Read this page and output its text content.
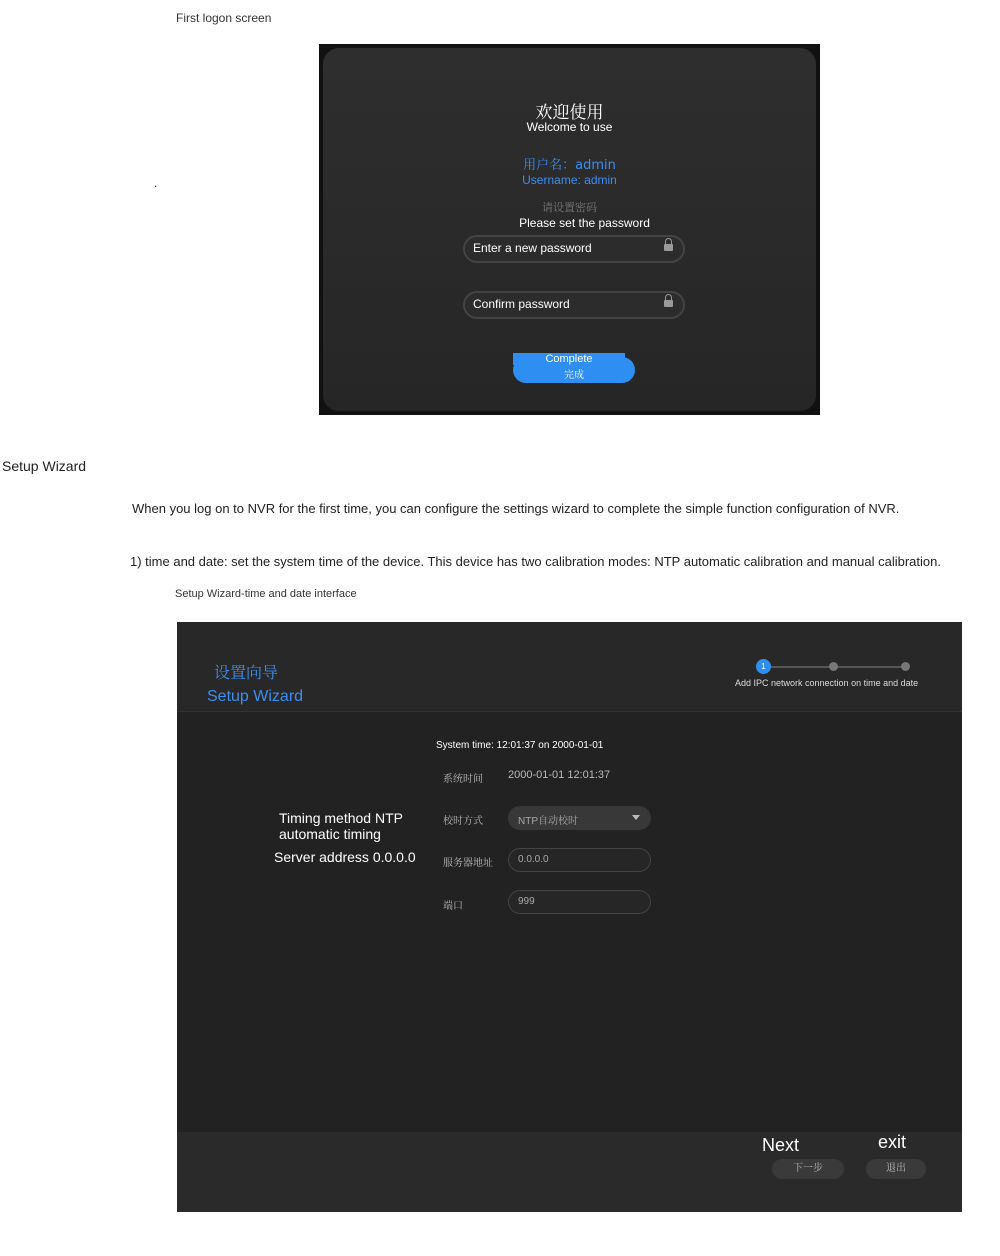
First logon screen
.
欢迎使用
Welcome to use
用户名：admin
Username: admin
请设置密码
Please set the password
Enter a new password
Confirm password
Complete
完成
Setup Wizard
When you log on to NVR for the first time, you can configure the settings wizard to complete the simple function configuration of NVR.
1) time and date: set the system time of the device. This device has two calibration modes: NTP automatic calibration and manual calibration.
Setup Wizard-time and date interface
设置向导
Setup Wizard
1
Add IPC network connection on time and date
System time: 12:01:37 on 2000-01-01
系统时间 2000-01-01 12:01:37
校时方式	NTP自动校时
服务器地址	0.0.0.0
端口	999
Timing method NTP
automatic timing
Server address 0.0.0.0
Next	exit
下一步	退出
